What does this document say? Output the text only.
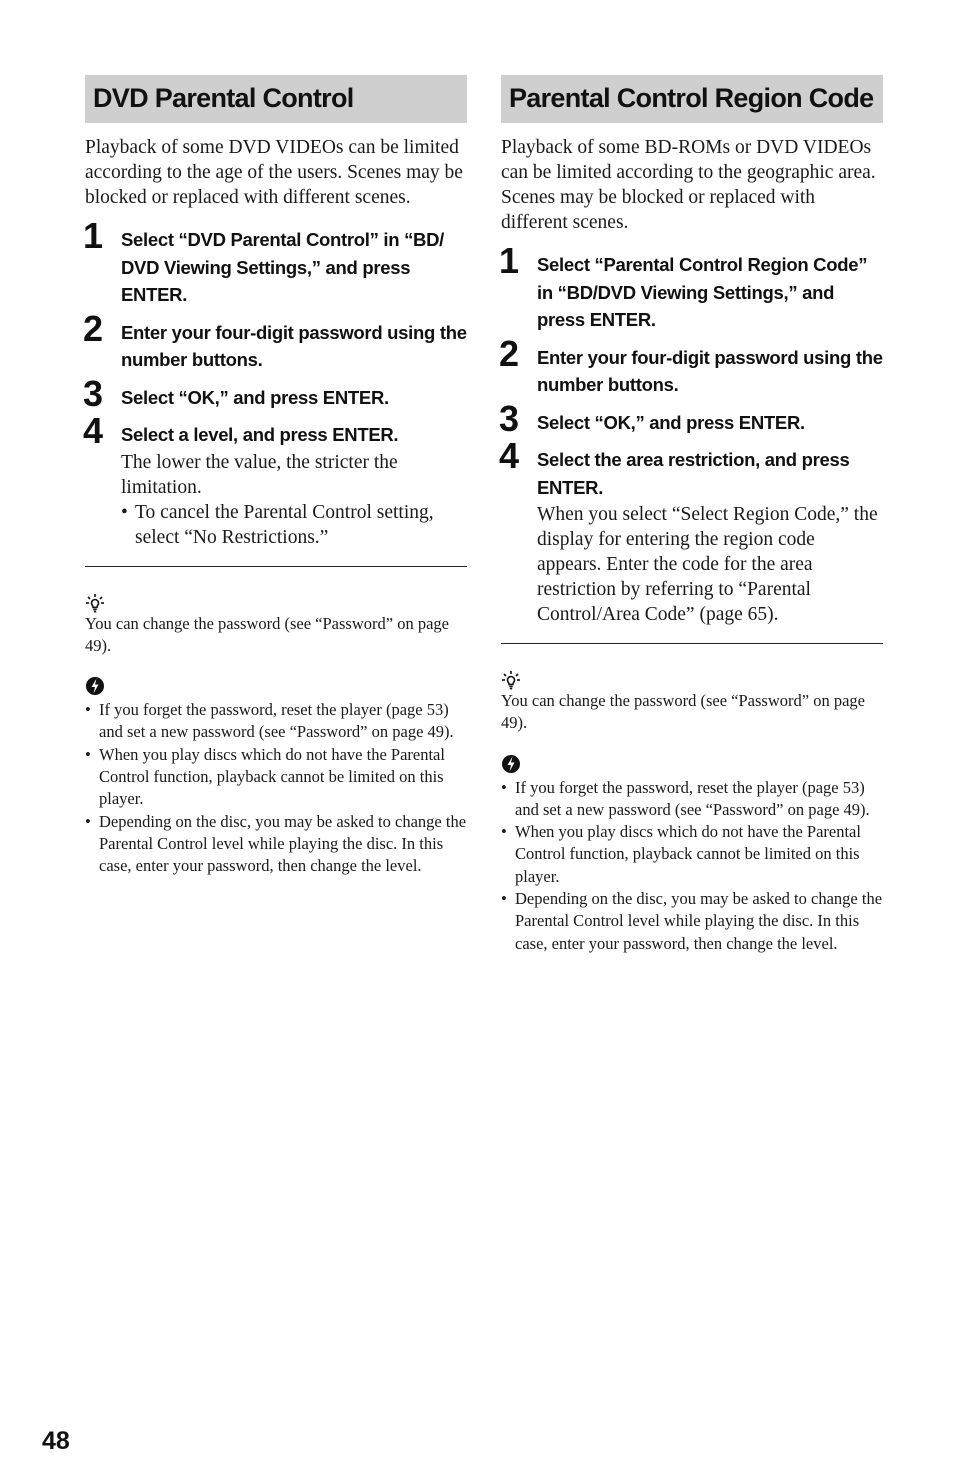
DVD Parental Control

Playback of some DVD VIDEOs can be limited according to the age of the users. Scenes may be blocked or replaced with different scenes.

1 Select “DVD Parental Control” in “BD/ DVD Viewing Settings,” and press ENTER.
2 Enter your four-digit password using the number buttons.
3 Select “OK,” and press ENTER.
4 Select a level, and press ENTER.
The lower the value, the stricter the limitation.
• To cancel the Parental Control setting, select “No Restrictions.”
You can change the password (see “Password” on page 49).
• If you forget the password, reset the player (page 53) and set a new password (see “Password” on page 49).
• When you play discs which do not have the Parental Control function, playback cannot be limited on this player.
• Depending on the disc, you may be asked to change the Parental Control level while playing the disc. In this case, enter your password, then change the level.
Parental Control Region Code

Playback of some BD-ROMs or DVD VIDEOs can be limited according to the geographic area. Scenes may be blocked or replaced with different scenes.

1 Select “Parental Control Region Code” in “BD/DVD Viewing Settings,” and press ENTER.
2 Enter your four-digit password using the number buttons.
3 Select “OK,” and press ENTER.
4 Select the area restriction, and press ENTER.
When you select “Select Region Code,” the display for entering the region code appears. Enter the code for the area restriction by referring to “Parental Control/Area Code” (page 65).
You can change the password (see “Password” on page 49).
• If you forget the password, reset the player (page 53) and set a new password (see “Password” on page 49).
• When you play discs which do not have the Parental Control function, playback cannot be limited on this player.
• Depending on the disc, you may be asked to change the Parental Control level while playing the disc. In this case, enter your password, then change the level.
48
